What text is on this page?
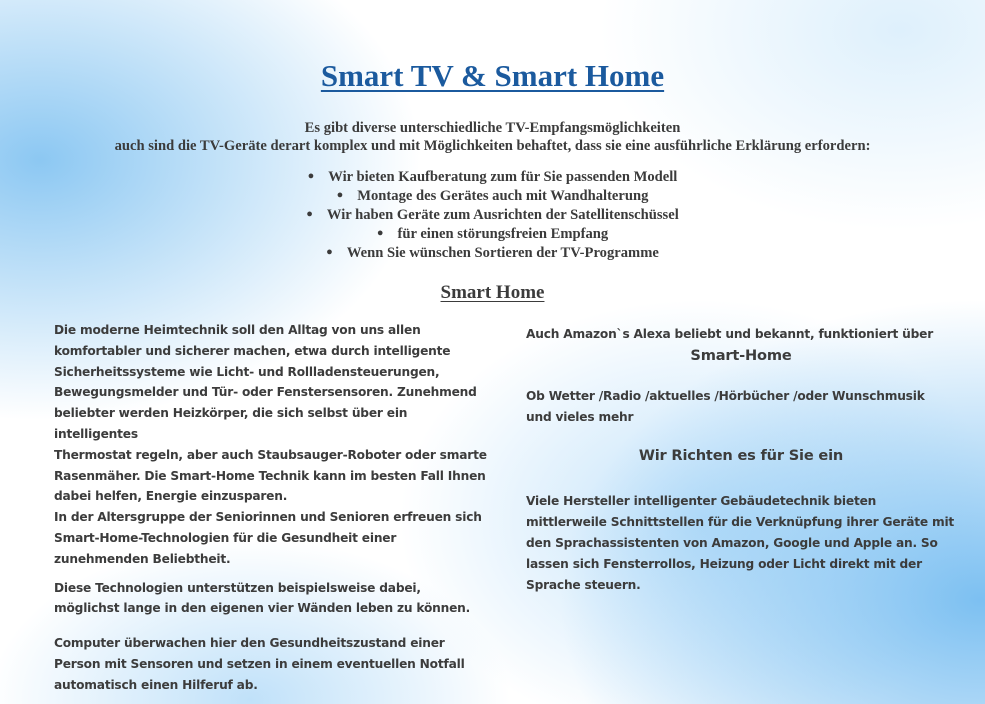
Smart TV & Smart Home
Es gibt diverse unterschiedliche TV-Empfangsmöglichkeiten
auch sind die TV-Geräte derart komplex und mit Möglichkeiten behaftet, dass sie eine ausführliche Erklärung erfordern:
● Wir bieten Kaufberatung zum für Sie passenden Modell
● Montage des Gerätes auch mit Wandhalterung
● Wir haben Geräte zum Ausrichten der Satellitenschüssel
● für einen störungsfreien Empfang
● Wenn Sie wünschen Sortieren der TV-Programme
Smart Home

Die moderne Heimtechnik soll den Alltag von uns allen
komfortabler und sicherer machen, etwa durch intelligente
Sicherheitssysteme wie Licht- und Rollladensteuerungen,
Bewegungsmelder und Tür- oder Fenstersensoren. Zunehmend
beliebter werden Heizkörper, die sich selbst über ein intelligentes
Thermostat regeln, aber auch Staubsauger-Roboter oder smarte
Rasenmäher. Die Smart-Home Technik kann im besten Fall Ihnen
dabei helfen, Energie einzusparen.
In der Altersgruppe der Seniorinnen und Senioren erfreuen sich
Smart-Home-Technologien für die Gesundheit einer
zunehmenden Beliebtheit.

Diese Technologien unterstützen beispielsweise dabei,
möglichst lange in den eigenen vier Wänden leben zu können.

Computer überwachen hier den Gesundheitszustand einer
Person mit Sensoren und setzen in einem eventuellen Notfall
automatisch einen Hilferuf ab.

Auch Amazon`s Alexa beliebt und bekannt, funktioniert über

Smart-Home

Ob Wetter /Radio /aktuelles /Hörbücher /oder Wunschmusik
und vieles mehr

Wir Richten es für Sie ein

Viele Hersteller intelligenter Gebäudetechnik bieten
mittlerweile Schnittstellen für die Verknüpfung ihrer Geräte mit
den Sprachassistenten von Amazon, Google und Apple an. So
lassen sich Fensterrollos, Heizung oder Licht direkt mit der
Sprache steuern.
